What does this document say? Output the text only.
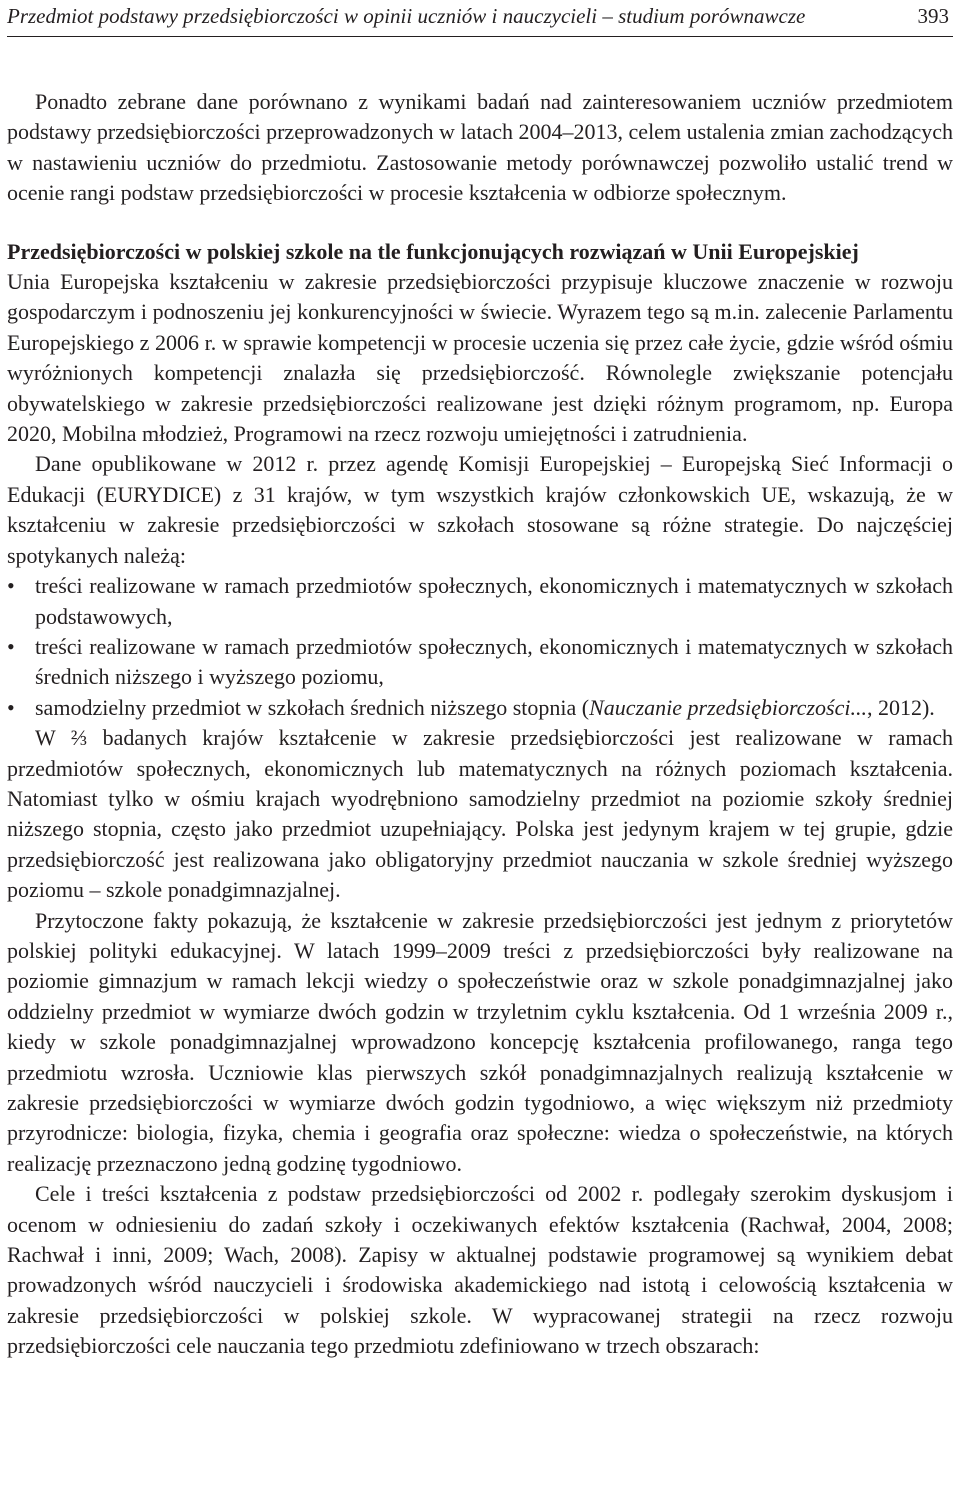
Przedmiot podstawy przedsiębiorczości w opinii uczniów i nauczycieli – studium porównawcze	393

Ponadto zebrane dane porównano z wynikami badań nad zainteresowaniem uczniów przedmiotem podstawy przedsiębiorczości przeprowadzonych w latach 2004–2013, celem ustalenia zmian zachodzących w nastawieniu uczniów do przedmiotu. Zastosowanie metody porównawczej pozwoliło ustalić trend w ocenie rangi podstaw przedsiębiorczości w procesie kształcenia w odbiorze społecznym.

Przedsiębiorczości w polskiej szkole na tle funkcjonujących rozwiązań w Unii Europejskiej

Unia Europejska kształceniu w zakresie przedsiębiorczości przypisuje kluczowe znaczenie w rozwoju gospodarczym i podnoszeniu jej konkurencyjności w świecie. Wyrazem tego są m.in. zalecenie Parlamentu Europejskiego z 2006 r. w sprawie kompetencji w procesie uczenia się przez całe życie, gdzie wśród ośmiu wyróżnionych kompetencji znalazła się przedsiębiorczość. Równolegle zwiększanie potencjału obywatelskiego w zakresie przedsiębiorczości realizowane jest dzięki różnym programom, np. Europa 2020, Mobilna młodzież, Programowi na rzecz rozwoju umiejętności i zatrudnienia.

Dane opublikowane w 2012 r. przez agendę Komisji Europejskiej – Europejską Sieć Informacji o Edukacji (EURYDICE) z 31 krajów, w tym wszystkich krajów członkowskich UE, wskazują, że w kształceniu w zakresie przedsiębiorczości w szkołach stosowane są różne strategie. Do najczęściej spotykanych należą:

• treści realizowane w ramach przedmiotów społecznych, ekonomicznych i matematycznych w szkołach podstawowych,
• treści realizowane w ramach przedmiotów społecznych, ekonomicznych i matematycznych w szkołach średnich niższego i wyższego poziomu,
• samodzielny przedmiot w szkołach średnich niższego stopnia (Nauczanie przedsiębiorczości..., 2012).

W ⅔ badanych krajów kształcenie w zakresie przedsiębiorczości jest realizowane w ramach przedmiotów społecznych, ekonomicznych lub matematycznych na różnych poziomach kształcenia. Natomiast tylko w ośmiu krajach wyodrębniono samodzielny przedmiot na poziomie szkoły średniej niższego stopnia, często jako przedmiot uzupełniający. Polska jest jedynym krajem w tej grupie, gdzie przedsiębiorczość jest realizowana jako obligatoryjny przedmiot nauczania w szkole średniej wyższego poziomu – szkole ponadgimnazjalnej.

Przytoczone fakty pokazują, że kształcenie w zakresie przedsiębiorczości jest jednym z priorytetów polskiej polityki edukacyjnej. W latach 1999–2009 treści z przedsiębiorczości były realizowane na poziomie gimnazjum w ramach lekcji wiedzy o społeczeństwie oraz w szkole ponadgimnazjalnej jako oddzielny przedmiot w wymiarze dwóch godzin w trzyletnim cyklu kształcenia. Od 1 września 2009 r., kiedy w szkole ponadgimnazjalnej wprowadzono koncepcję kształcenia profilowanego, ranga tego przedmiotu wzrosła. Uczniowie klas pierwszych szkół ponadgimnazjalnych realizują kształcenie w zakresie przedsiębiorczości w wymiarze dwóch godzin tygodniowo, a więc większym niż przedmioty przyrodnicze: biologia, fizyka, chemia i geografia oraz społeczne: wiedza o społeczeństwie, na których realizację przeznaczono jedną godzinę tygodniowo.

Cele i treści kształcenia z podstaw przedsiębiorczości od 2002 r. podlegały szerokim dyskusjom i ocenom w odniesieniu do zadań szkoły i oczekiwanych efektów kształcenia (Rachwał, 2004, 2008; Rachwał i inni, 2009; Wach, 2008). Zapisy w aktualnej podstawie programowej są wynikiem debat prowadzonych wśród nauczycieli i środowiska akademickiego nad istotą i celowością kształcenia w zakresie przedsiębiorczości w polskiej szkole. W wypracowanej strategii na rzecz rozwoju przedsiębiorczości cele nauczania tego przedmiotu zdefiniowano w trzech obszarach:
